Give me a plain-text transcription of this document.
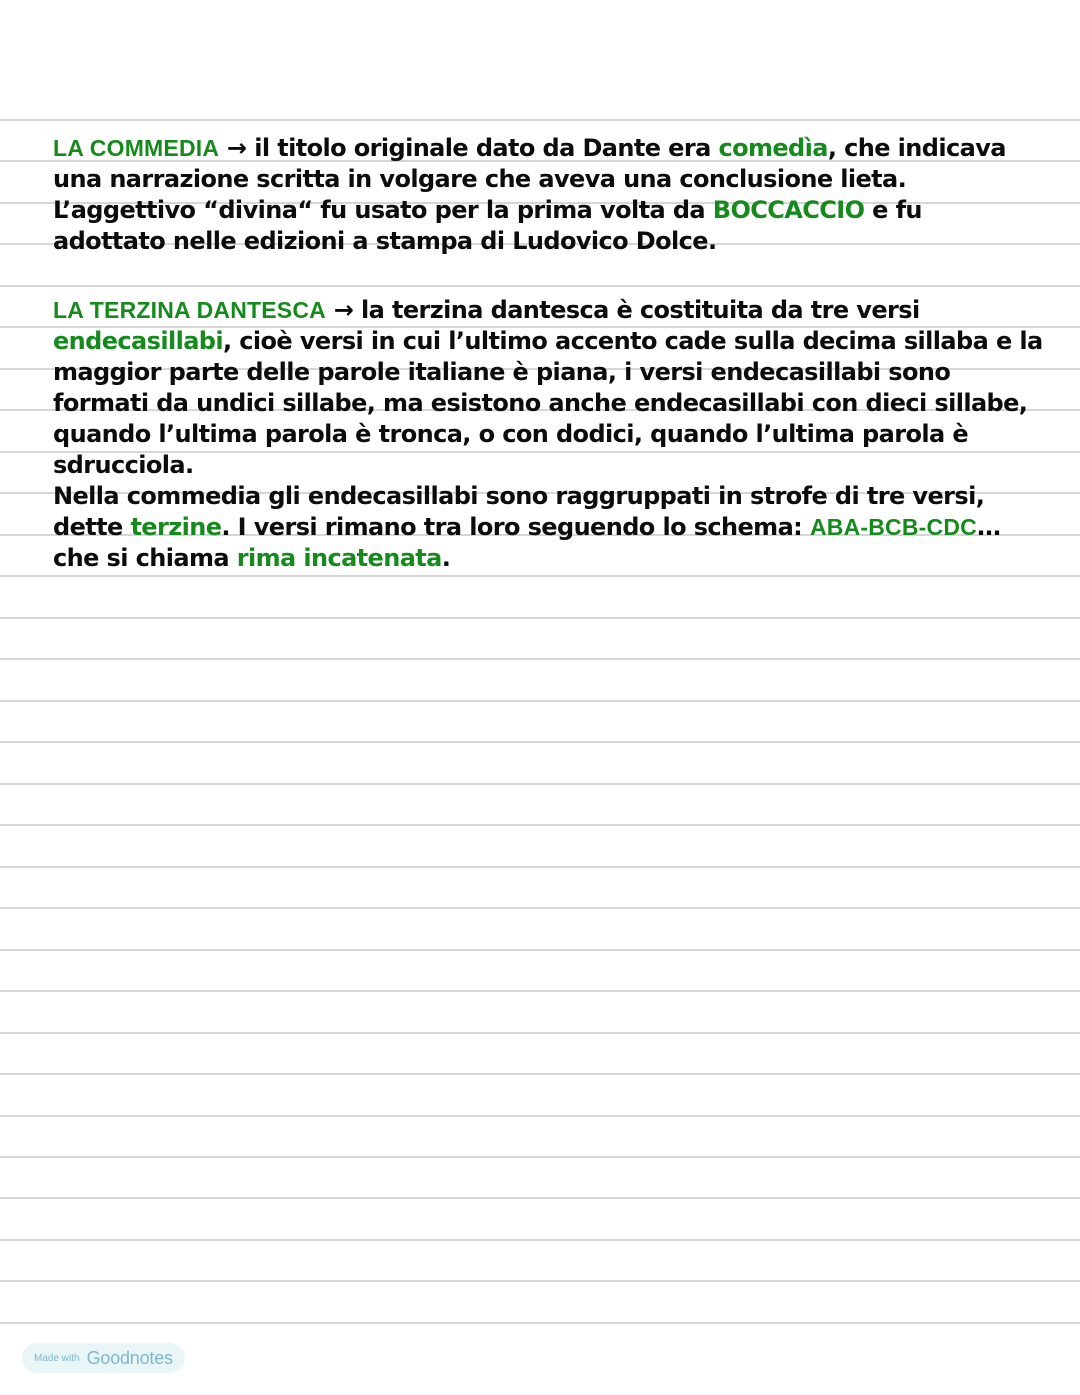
LA COMMEDIA → il titolo originale dato da Dante era comedìa, che indicava
una narrazione scritta in volgare che aveva una conclusione lieta.
L’aggettivo “divina“ fu usato per la prima volta da BOCCACCIO e fu
adottato nelle edizioni a stampa di Ludovico Dolce.
LA TERZINA DANTESCA → la terzina dantesca è costituita da tre versi
endecasillabi, cioè versi in cui l’ultimo accento cade sulla decima sillaba e la
maggior parte delle parole italiane è piana, i versi endecasillabi sono
formati da undici sillabe, ma esistono anche endecasillabi con dieci sillabe,
quando l’ultima parola è tronca, o con dodici, quando l’ultima parola è
sdrucciola.
Nella commedia gli endecasillabi sono raggruppati in strofe di tre versi,
dette terzine. I versi rimano tra loro seguendo lo schema: ABA-BCB-CDC…
che si chiama rima incatenata.
Made with Goodnotes
